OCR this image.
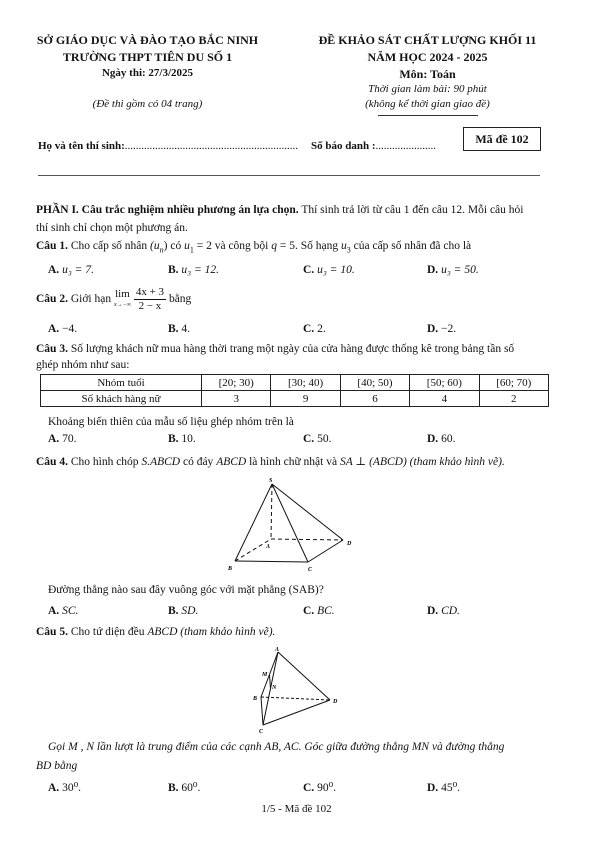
SỞ GIÁO DỤC VÀ ĐÀO TẠO BẮC NINH
TRƯỜNG THPT TIÊN DU SỐ 1
Ngày thi: 27/3/2025
(Đề thi gồm có 04 trang)
ĐỀ KHẢO SÁT CHẤT LƯỢNG KHỐI 11
NĂM HỌC 2024 - 2025
Môn: Toán
Thời gian làm bài: 90 phút
(không kể thời gian giao đề)
Mã đề 102
Họ và tên thí sinh:............................................................... Số báo danh :......................
PHẦN I. Câu trắc nghiệm nhiều phương án lựa chọn. Thí sinh trả lời từ câu 1 đến câu 12. Mỗi câu hỏi
thí sinh chỉ chọn một phương án.
Câu 1. Cho cấp số nhân $(u_n)$ có $u_1 = 2$ và công bội q = 5. Số hạng $u_3$ của cấp số nhân đã cho là
A. u₃ = 7.	B. u₃ = 12.	C. u₃ = 10.	D. u₃ = 50.
Câu 2. Giới hạn lim
x→−∞
$\frac{4x + 3}{2 - x}$ bằng
A. −4.	B. 4.	C. 2.	D. −2.
Câu 3. Số lượng khách nữ mua hàng thời trang một ngày của cửa hàng được thống kê trong bảng tần số
ghép nhóm như sau:
Nhóm tuổi	[20; 30)	[30; 40)	[40; 50)	[50; 60)	[60; 70)
Số khách hàng nữ	3	9	6	4	2
Khoảng biến thiên của mẫu số liệu ghép nhóm trên là
A. 70.	B. 10.	C. 50.	D. 60.
Câu 4. Cho hình chóp S.ABCD có đáy ABCD là hình chữ nhật và SA ⊥ (ABCD) (tham khảo hình vẽ).
S
A
B	C
D
Đường thẳng nào sau đây vuông góc với mặt phẳng (SAB)?
A. SC.	B. SD.	C. BC.	D. CD.
Câu 5. Cho tứ diện đều ABCD (tham khảo hình vẽ).
A
M
N
B
C
D
Gọi M , N lần lượt là trung điểm của các cạnh AB, AC. Góc giữa đường thẳng MN và đường thẳng
BD bằng
A. 30⁰.	B. 60⁰.	C. 90⁰.	D. 45⁰.
1/5 - Mã đề 102
